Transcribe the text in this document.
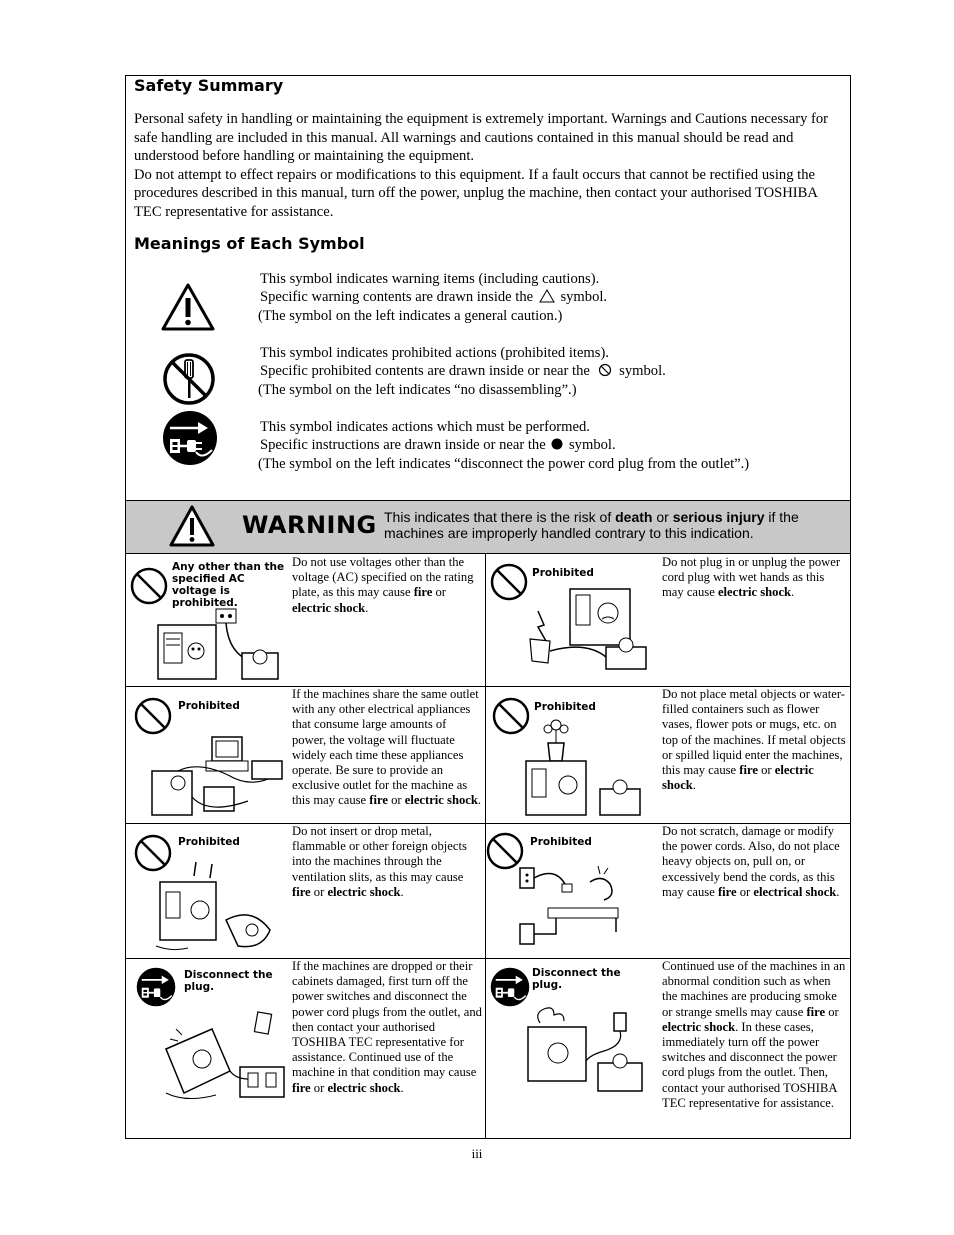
Safety Summary

Personal safety in handling or maintaining the equipment is extremely important. Warnings and Cautions necessary for safe handling are included in this manual. All warnings and cautions contained in this manual should be read and understood before handling or maintaining the equipment.

Do not attempt to effect repairs or modifications to this equipment. If a fault occurs that cannot be rectified using the procedures described in this manual, turn off the power, unplug the machine, then contact your authorised TOSHIBA TEC representative for assistance.

Meanings of Each Symbol
This symbol indicates warning items (including cautions).
Specific warning contents are drawn inside the  symbol.
(The symbol on the left indicates a general caution.)
This symbol indicates prohibited actions (prohibited items).
Specific prohibited contents are drawn inside or near the  symbol.
(The symbol on the left indicates “no disassembling”.)
This symbol indicates actions which must be performed.
Specific instructions are drawn inside or near the  symbol.
(The symbol on the left indicates “disconnect the power cord plug from the outlet”.)
WARNING This indicates that there is the risk of death or serious injury if the machines are improperly handled contrary to this indication.
Any other than the specified AC voltage is prohibited.
Do not use voltages other than the voltage (AC) specified on the rating plate, as this may cause fire or electric shock.
Prohibited
Do not plug in or unplug the power cord plug with wet hands as this may cause electric shock.
Prohibited
If the machines share the same outlet with any other electrical appliances that consume large amounts of power, the voltage will fluctuate widely each time these appliances operate. Be sure to provide an exclusive outlet for the machine as this may cause fire or electric shock.
Prohibited
Do not place metal objects or water-filled containers such as flower vases, flower pots or mugs, etc. on top of the machines. If metal objects or spilled liquid enter the machines, this may cause fire or electric shock.
Prohibited
Do not insert or drop metal, flammable or other foreign objects into the machines through the ventilation slits, as this may cause fire or electric shock.
Prohibited
Do not scratch, damage or modify the power cords. Also, do not place heavy objects on, pull on, or excessively bend the cords, as this may cause fire or electrical shock.
Disconnect the plug.
If the machines are dropped or their cabinets damaged, first turn off the power switches and disconnect the power cord plugs from the outlet, and then contact your authorised TOSHIBA TEC representative for assistance. Continued use of the machine in that condition may cause fire or electric shock.
Disconnect the plug.
Continued use of the machines in an abnormal condition such as when the machines are producing smoke or strange smells may cause fire or electric shock. In these cases, immediately turn off the power switches and disconnect the power cord plugs from the outlet. Then, contact your authorised TOSHIBA TEC representative for assistance.
iii
